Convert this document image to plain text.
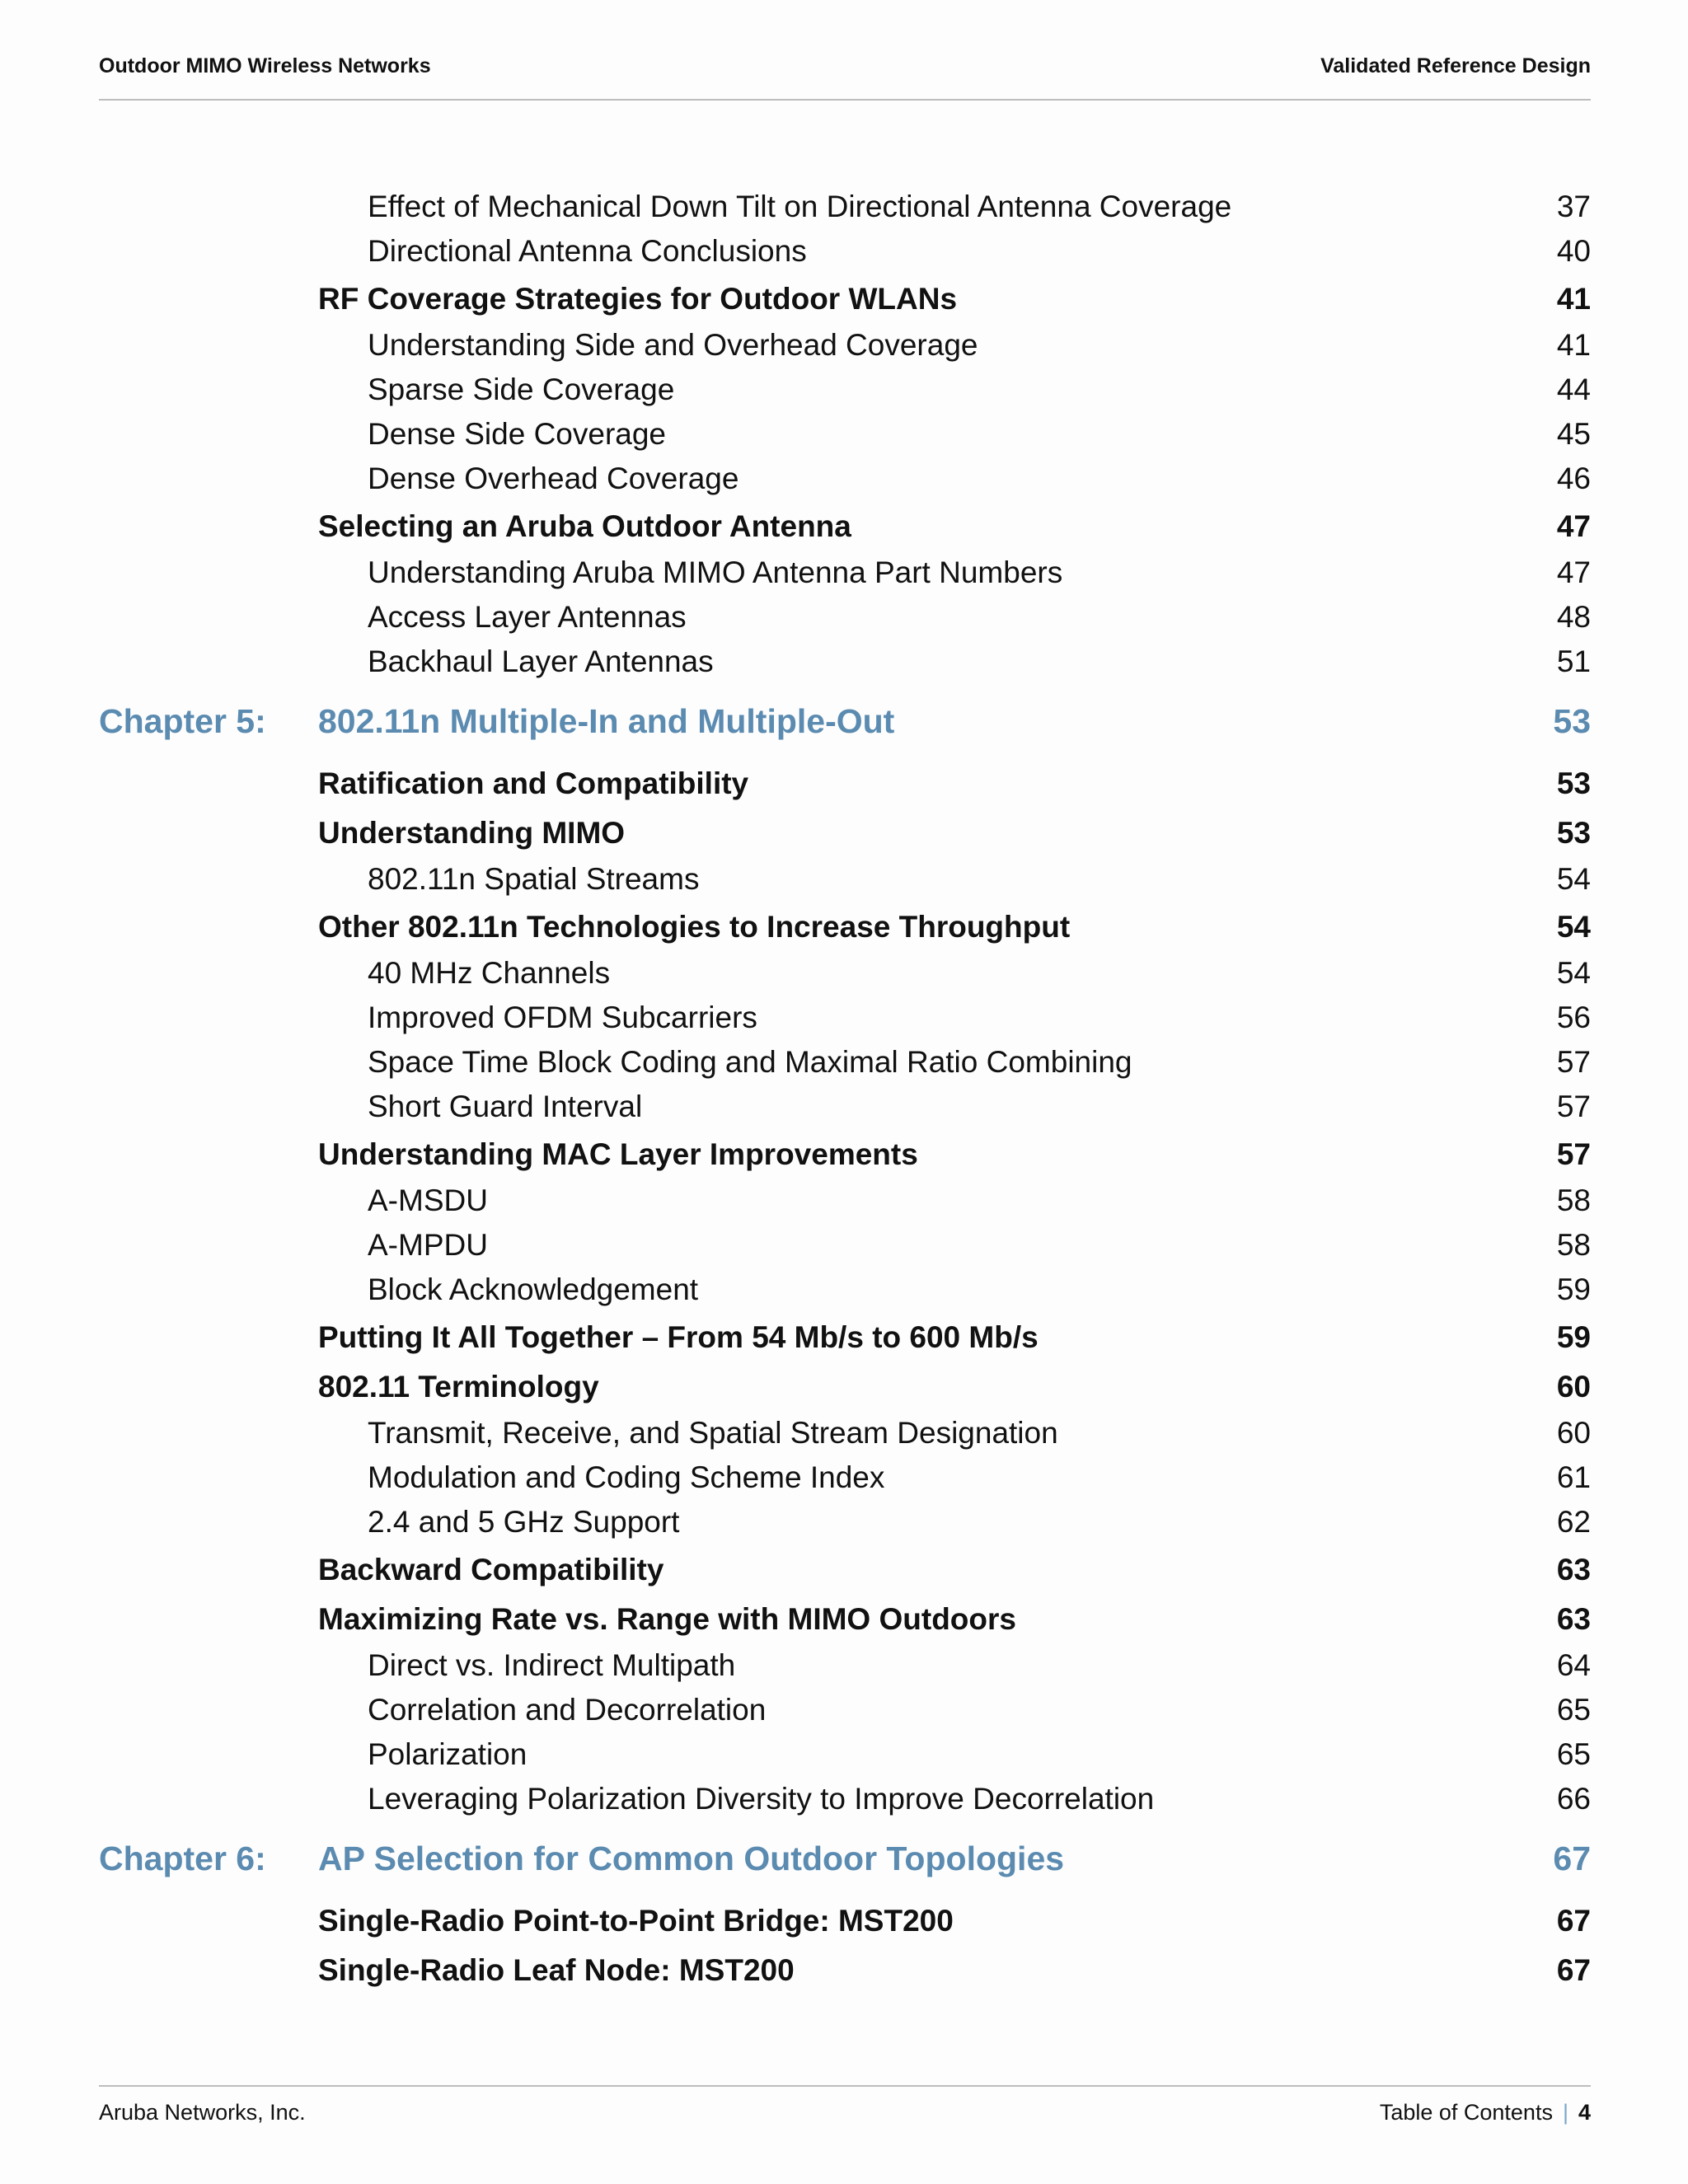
Outdoor MIMO Wireless Networks	Validated Reference Design
Effect of Mechanical Down Tilt on Directional Antenna Coverage	37
Directional Antenna Conclusions	40
RF Coverage Strategies for Outdoor WLANs	41
Understanding Side and Overhead Coverage	41
Sparse Side Coverage	44
Dense Side Coverage	45
Dense Overhead Coverage	46
Selecting an Aruba Outdoor Antenna	47
Understanding Aruba MIMO Antenna Part Numbers	47
Access Layer Antennas	48
Backhaul Layer Antennas	51
Chapter 5: 802.11n Multiple-In and Multiple-Out	53
Ratification and Compatibility	53
Understanding MIMO	53
802.11n Spatial Streams	54
Other 802.11n Technologies to Increase Throughput	54
40 MHz Channels	54
Improved OFDM Subcarriers	56
Space Time Block Coding and Maximal Ratio Combining	57
Short Guard Interval	57
Understanding MAC Layer Improvements	57
A-MSDU	58
A-MPDU	58
Block Acknowledgement	59
Putting It All Together – From 54 Mb/s to 600 Mb/s	59
802.11 Terminology	60
Transmit, Receive, and Spatial Stream Designation	60
Modulation and Coding Scheme Index	61
2.4 and 5 GHz Support	62
Backward Compatibility	63
Maximizing Rate vs. Range with MIMO Outdoors	63
Direct vs. Indirect Multipath	64
Correlation and Decorrelation	65
Polarization	65
Leveraging Polarization Diversity to Improve Decorrelation	66
Chapter 6: AP Selection for Common Outdoor Topologies	67
Single-Radio Point-to-Point Bridge: MST200	67
Single-Radio Leaf Node: MST200	67
Aruba Networks, Inc.	Table of Contents | 4
